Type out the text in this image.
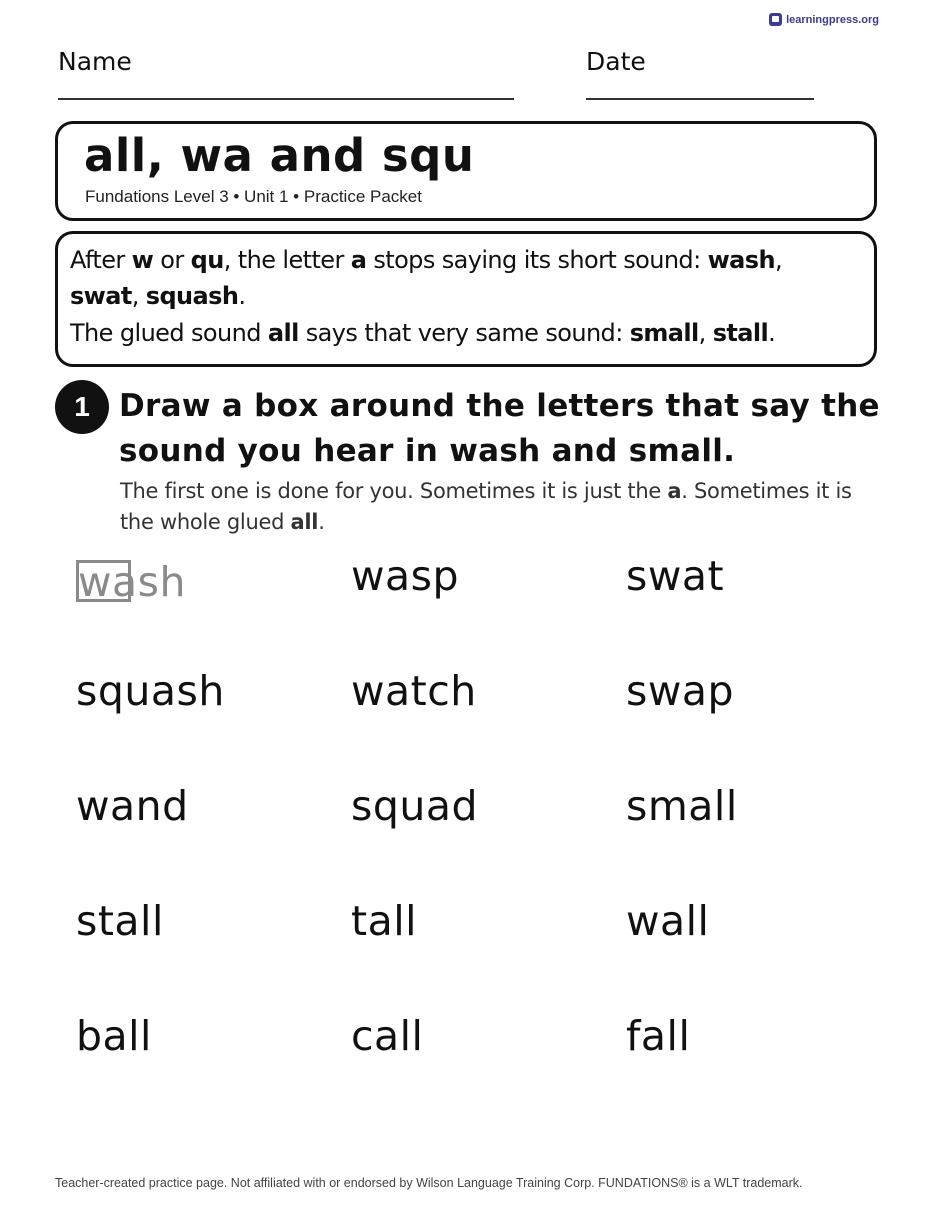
learningpress.org
Name	Date
all, wa and squ
Fundations Level 3 • Unit 1 • Practice Packet
After w or qu, the letter a stops saying its short sound: wash,
swat, squash.
The glued sound all says that very same sound: small, stall.
1 Draw a box around the letters that say the sound you hear in wash and small.
The first one is done for you. Sometimes it is just the a. Sometimes it is the whole glued all.
wash	wasp	swat
squash	watch	swap
wand	squad	small
stall	tall	wall
ball	call	fall
Teacher-created practice page. Not affiliated with or endorsed by Wilson Language Training Corp. FUNDATIONS® is a WLT trademark.
